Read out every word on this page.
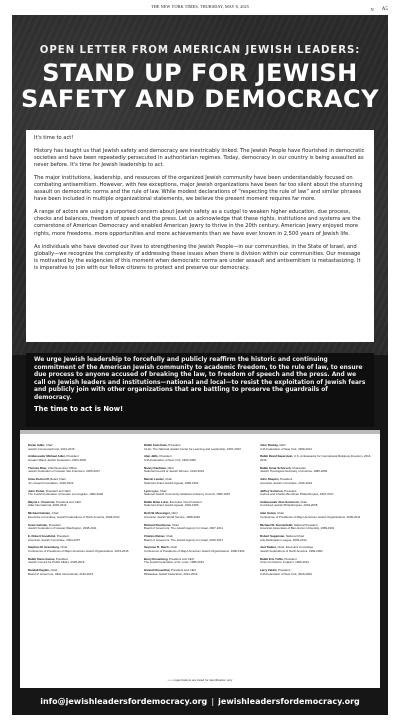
THE NEW YORK TIMES, THURSDAY, MAY 8, 2025	N A5
OPEN LETTER FROM AMERICAN JEWISH LEADERS:
STAND UP FOR JEWISH
SAFETY AND DEMOCRACY

It's time to act!

History has taught us that Jewish safety and democracy are inextricably linked. The Jewish People have flourished in democratic societies and have been repeatedly persecuted in authoritarian regimes. Today, democracy in our country is being assaulted as never before. It's time for Jewish leadership to act.

The major institutions, leadership, and resources of the organized Jewish community have been understandably focused on combating antisemitism. However, with few exceptions, major Jewish organizations have been far too silent about the stunning assault on democratic norms and the rule of law. While modest declarations of “respecting the rule of law” and similar phrases have been included in multiple organizational statements, we believe the present moment requires far more.

A range of actors are using a purported concern about Jewish safety as a cudgel to weaken higher education, due process, checks and balances, freedom of speech and the press. Let us acknowledge that these rights, institutions and systems are the cornerstone of American Democracy and enabled American Jewry to thrive in the 20th century. American Jewry enjoyed more rights, more freedoms, more opportunities and more achievements than we have ever known in 2,500 years of Jewish life.

As individuals who have devoted our lives to strengthening the Jewish People—in our communities, in the State of Israel, and globally—we recognize the complexity of addressing these issues when there is division within our communities. Our message is motivated by the exigencies of this moment when democratic norms are under assault and antisemitism is metastasizing. It is imperative to join with our fellow citizens to protect and preserve our democracy.

We urge Jewish leadership to forcefully and publicly reaffirm the historic and continuing commitment of the American Jewish community to academic freedom, to the rule of law, to ensure due process to anyone accused of breaking the law, to freedom of speech and the press. And we call on Jewish leaders and institutions—national and local—to resist the exploitation of Jewish fears and publicly join with other organizations that are battling to preserve the guardrails of democracy.
The time to act is Now!
Karen Adler, Chair
Jewish Communal Fund, 2013-2015
Ambassador Michael Adler, President
Greater Miami Jewish Federation, 2004-2006
Thomas Dine, Chief Executive Officer
Jewish Federation of Greater San Francisco, 2005-2007
Alisa Doctoroff, Board Chair
Jim Joseph Foundation, 2020-2023
John Fishel, President and CEO
The Jewish Federation of Greater Los Angeles, 1992-2002
Wayne L. Firestone, President and CEO
Hillel International, 2006-2013
Michael Gelman, Chair
Executive Committee, Jewish Federations of North America, 2009-2012
Susie Gelman, President
Jewish Federation of Greater Washington, 2008-2011
E. Robert Goodkind, President
American Jewish Committee, 2004-2007
Stephen M. Greenberg, Chair
Conference of Presidents of Major American Jewish Organizations, 2013-2016
Rabbi Steve Gutow, President
Jewish Council for Public Affairs, 2005-2016
Randall Kaplan, Chair
Board of Governors, Hillel International, 2010-2015
Rabbi Irwin Kula, President
CLAL: The National Jewish Center for Learning and Leadership, 1997-2023
Alan Jaffe, President
UJA-Federation of New York, 1993-1996
Nancy Kaufman, CEO
National Council of Jewish Women, 2010-2019
Marvin Lender, Chair
National United Jewish Appeal, 1990-1992
Lynn Lyss, Chair
National Jewish Community Relations Advisory Council, 1995-1997
Rabbi Brian Lurie, Executive Vice President
National United Jewish Appeal, 1991-1996
Ruth W. Messinger, CEO
American Jewish World Service, 1998-2020
Richard Pearlstone, Chair
Board of Governors, The Jewish Agency for Israel, 2007-2011
Charles Ratner, Chair
Board of Governors, The Jewish Agency for Israel, 2016-2017
Seymour D. Reich, Chair
Conference of Presidents of Major American Jewish Organizations, 1990-1992
Barry Rosenberg, President and CEO
The Jewish Federation of St. Louis, 1995-2012
Hannah Rosenthal, President and CEO
Milwaukee Jewish Federation, 2012-2019
John Ruskay, CEO
UJA-Federation of New York, 1999-2014
Rabbi David Saperstein, U.S. Ambassador for International Religious Freedom, 2014-2016

Rabbi Ismar Schorsch, Chancellor
Jewish Theological Seminary of America, 1986-2006
John Shapiro, President
American Jewish Committee, 2016-2019
Jeffrey Solomon, President
Andrea and Charles Bronfman Philanthropies, 1997-2017
Ambassador Alan Solomont, Chair
Combined Jewish Philanthropies, 2003-2008
Alan Solow, Chair
Conference of Presidents of Major American Jewish Organizations, 2009-2011
Michael W. Sonnenfeldt, National President
American Associates of Ben-Gurion University, 1989-1991
Robert Sugarman, National Chair
Anti-Defamation League, 2009-2012
Joel Tauber, Chair, Executive Committee
Jewish Federations of North America, 1999-2002
Rabbi Eric Yoffie, President
Union for Reform Judaism, 1996-2012
Larry Zeldin, President
UJA-Federation of New York, 2000-2003
• • • organizations are listed for identification only
info@jewishleadersfordemocracy.org | jewishleadersfordemocracy.org
